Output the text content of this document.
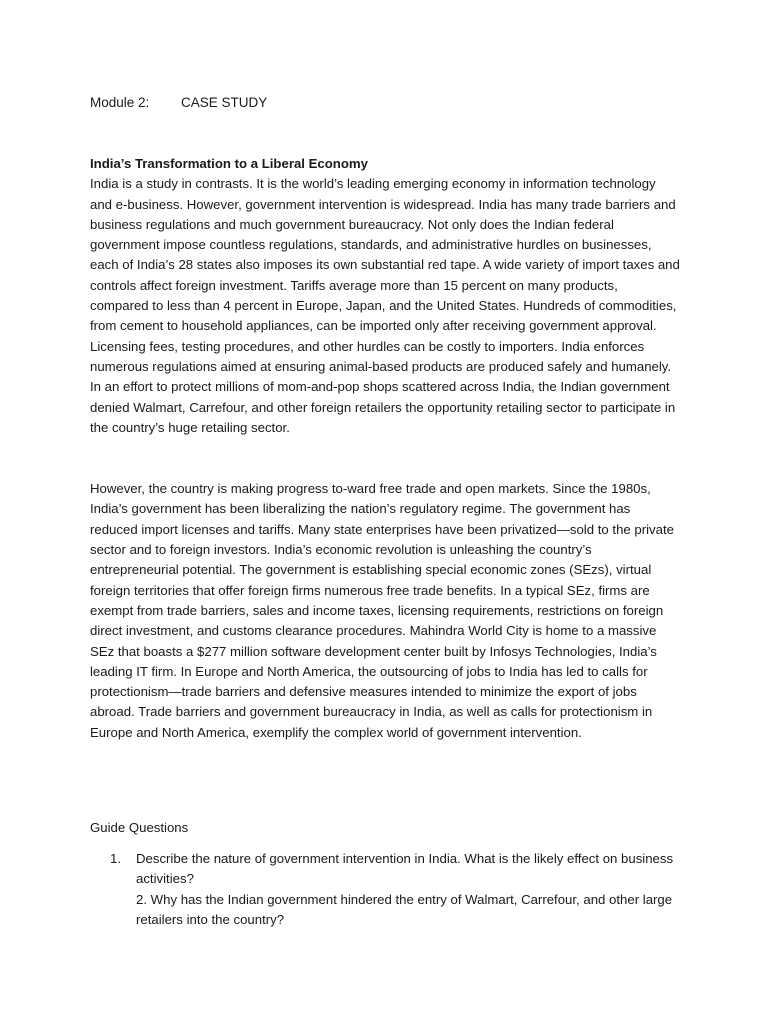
Module 2: CASE STUDY

India’s Transformation to a Liberal Economy

India is a study in contrasts. It is the world’s leading emerging economy in information technology and e-business. However, government intervention is widespread. India has many trade barriers and business regulations and much government bureaucracy. Not only does the Indian federal government impose countless regulations, standards, and administrative hurdles on businesses, each of India’s 28 states also imposes its own substantial red tape. A wide variety of import taxes and controls affect foreign investment. Tariffs average more than 15 percent on many products, compared to less than 4 percent in Europe, Japan, and the United States. Hundreds of commodities, from cement to household appliances, can be imported only after receiving government approval. Licensing fees, testing procedures, and other hurdles can be costly to importers. India enforces numerous regulations aimed at ensuring animal-based products are produced safely and humanely. In an effort to protect millions of mom-and-pop shops scattered across India, the Indian government denied Walmart, Carrefour, and other foreign retailers the opportunity retailing sector to participate in the country’s huge retailing sector.

However, the country is making progress to-ward free trade and open markets. Since the 1980s, India’s government has been liberalizing the nation’s regulatory regime. The government has reduced import licenses and tariffs. Many state enterprises have been privatized—sold to the private sector and to foreign investors. India’s economic revolution is unleashing the country’s entrepreneurial potential. The government is establishing special economic zones (SEzs), virtual foreign territories that offer foreign firms numerous free trade benefits. In a typical SEz, firms are exempt from trade barriers, sales and income taxes, licensing requirements, restrictions on foreign direct investment, and customs clearance procedures. Mahindra World City is home to a massive SEz that boasts a $277 million software development center built by Infosys Technologies, India’s leading IT firm. In Europe and North America, the outsourcing of jobs to India has led to calls for protectionism—trade barriers and defensive measures intended to minimize the export of jobs abroad. Trade barriers and government bureaucracy in India, as well as calls for protectionism in Europe and North America, exemplify the complex world of government intervention.

Guide Questions
1.	Describe the nature of government intervention in India. What is the likely effect on business activities?
2. Why has the Indian government hindered the entry of Walmart, Carrefour, and other large retailers into the country?
